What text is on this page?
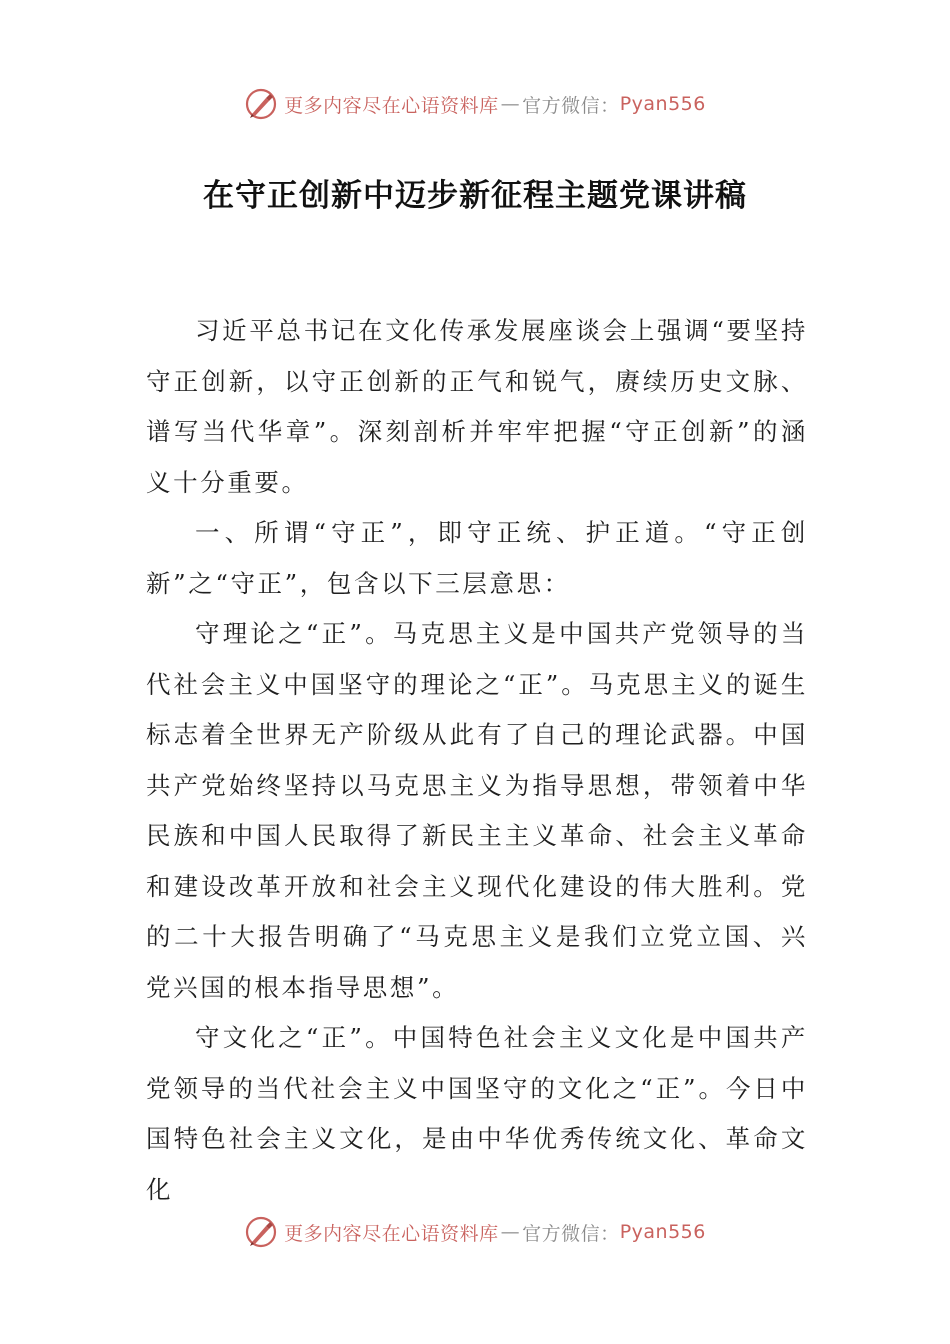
更多内容尽在心语资料库 — 官方微信： Pyan556
在守正创新中迈步新征程主题党课讲稿

习近平总书记在文化传承发展座谈会上强调“要坚持守正创新，以守正创新的正气和锐气，赓续历史文脉、谱写当代华章”。深刻剖析并牢牢把握“守正创新”的涵义十分重要。

一、所谓“守正”，即守正统、护正道。“守正创新”之“守正”，包含以下三层意思：

守理论之“正”。马克思主义是中国共产党领导的当代社会主义中国坚守的理论之“正”。马克思主义的诞生标志着全世界无产阶级从此有了自己的理论武器。中国共产党始终坚持以马克思主义为指导思想，带领着中华民族和中国人民取得了新民主主义革命、社会主义革命和建设改革开放和社会主义现代化建设的伟大胜利。党的二十大报告明确了“马克思主义是我们立党立国、兴党兴国的根本指导思想”。

守文化之“正”。中国特色社会主义文化是中国共产党领导的当代社会主义中国坚守的文化之“正”。今日中国特色社会主义文化，是由中华优秀传统文化、革命文化

更多内容尽在心语资料库 — 官方微信： Pyan556
